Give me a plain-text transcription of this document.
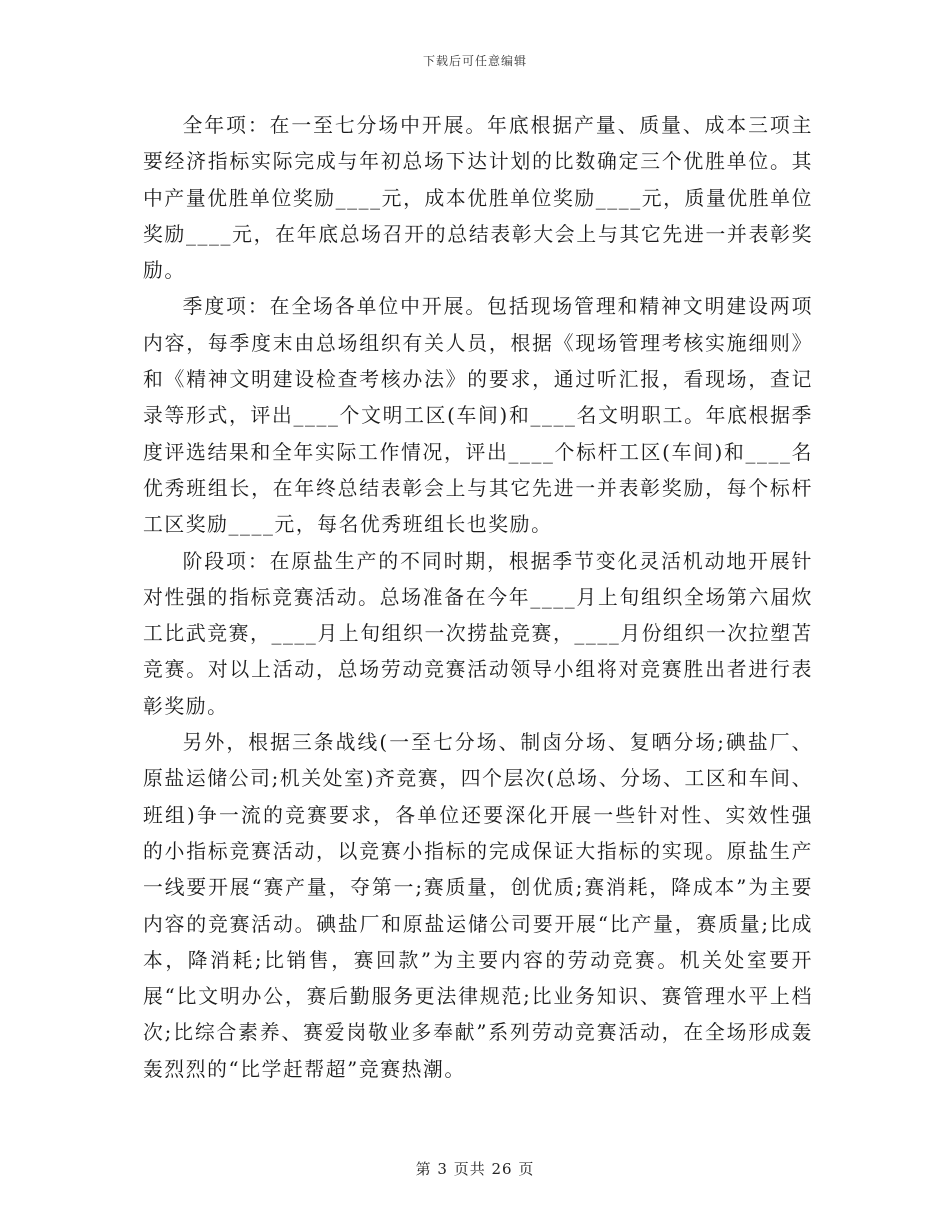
下载后可任意编辑

全年项：在一至七分场中开展。年底根据产量、质量、成本三项主要经济指标实际完成与年初总场下达计划的比数确定三个优胜单位。其中产量优胜单位奖励____元，成本优胜单位奖励____元，质量优胜单位奖励____元，在年底总场召开的总结表彰大会上与其它先进一并表彰奖励。

季度项：在全场各单位中开展。包括现场管理和精神文明建设两项内容，每季度末由总场组织有关人员，根据《现场管理考核实施细则》和《精神文明建设检查考核办法》的要求，通过听汇报，看现场，查记录等形式，评出____个文明工区(车间)和____名文明职工。年底根据季度评选结果和全年实际工作情况，评出____个标杆工区(车间)和____名优秀班组长，在年终总结表彰会上与其它先进一并表彰奖励，每个标杆工区奖励____元，每名优秀班组长也奖励。

阶段项：在原盐生产的不同时期，根据季节变化灵活机动地开展针对性强的指标竞赛活动。总场准备在今年____月上旬组织全场第六届炊工比武竞赛，____月上旬组织一次捞盐竞赛，____月份组织一次拉塑苫竞赛。对以上活动，总场劳动竞赛活动领导小组将对竞赛胜出者进行表彰奖励。

另外，根据三条战线(一至七分场、制卤分场、复晒分场;碘盐厂、原盐运储公司;机关处室)齐竞赛，四个层次(总场、分场、工区和车间、班组)争一流的竞赛要求，各单位还要深化开展一些针对性、实效性强的小指标竞赛活动，以竞赛小指标的完成保证大指标的实现。原盐生产一线要开展“赛产量，夺第一;赛质量，创优质;赛消耗，降成本”为主要内容的竞赛活动。碘盐厂和原盐运储公司要开展“比产量，赛质量;比成本，降消耗;比销售，赛回款”为主要内容的劳动竞赛。机关处室要开展“比文明办公，赛后勤服务更法律规范;比业务知识、赛管理水平上档次;比综合素养、赛爱岗敬业多奉献”系列劳动竞赛活动，在全场形成轰轰烈烈的“比学赶帮超”竞赛热潮。

第 3 页共 26 页
